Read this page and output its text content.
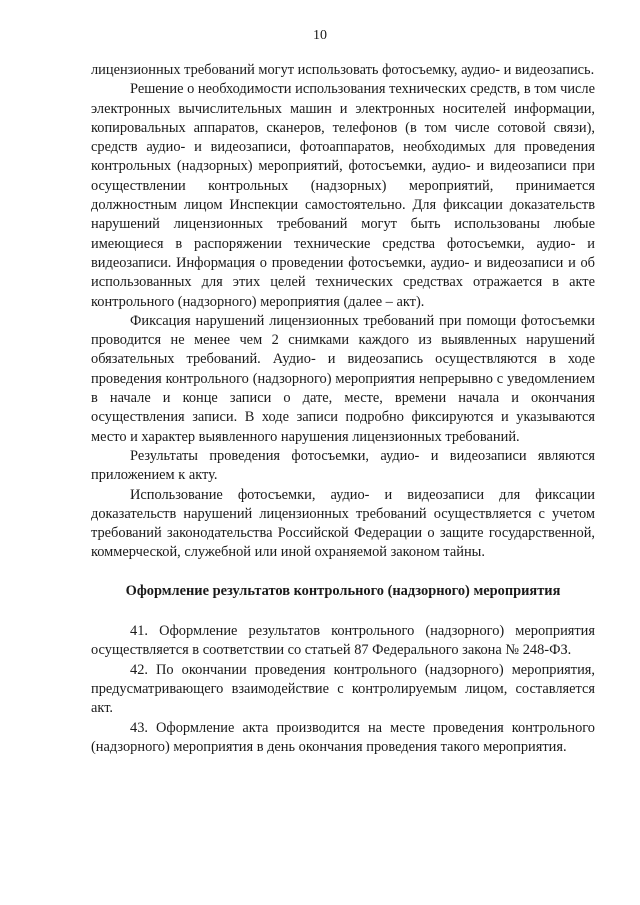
10

лицензионных требований могут использовать фотосъемку, аудио- и видеозапись.

Решение о необходимости использования технических средств, в том числе электронных вычислительных машин и электронных носителей информации, копировальных аппаратов, сканеров, телефонов (в том числе сотовой связи), средств аудио- и видеозаписи, фотоаппаратов, необходимых для проведения контрольных (надзорных) мероприятий, фотосъемки, аудио- и видеозаписи при осуществлении контрольных (надзорных) мероприятий, принимается должностным лицом Инспекции самостоятельно. Для фиксации доказательств нарушений лицензионных требований могут быть использованы любые имеющиеся в распоряжении технические средства фотосъемки, аудио- и видеозаписи. Информация о проведении фотосъемки, аудио- и видеозаписи и об использованных для этих целей технических средствах отражается в акте контрольного (надзорного) мероприятия (далее – акт).

Фиксация нарушений лицензионных требований при помощи фотосъемки проводится не менее чем 2 снимками каждого из выявленных нарушений обязательных требований. Аудио- и видеозапись осуществляются в ходе проведения контрольного (надзорного) мероприятия непрерывно с уведомлением в начале и конце записи о дате, месте, времени начала и окончания осуществления записи. В ходе записи подробно фиксируются и указываются место и характер выявленного нарушения лицензионных требований.

Результаты проведения фотосъемки, аудио- и видеозаписи являются приложением к акту.

Использование фотосъемки, аудио- и видеозаписи для фиксации доказательств нарушений лицензионных требований осуществляется с учетом требований законодательства Российской Федерации о защите государственной, коммерческой, служебной или иной охраняемой законом тайны.

Оформление результатов контрольного (надзорного) мероприятия

41. Оформление результатов контрольного (надзорного) мероприятия осуществляется в соответствии со статьей 87 Федерального закона № 248-ФЗ.

42. По окончании проведения контрольного (надзорного) мероприятия, предусматривающего взаимодействие с контролируемым лицом, составляется акт.

43. Оформление акта производится на месте проведения контрольного (надзорного) мероприятия в день окончания проведения такого мероприятия.
